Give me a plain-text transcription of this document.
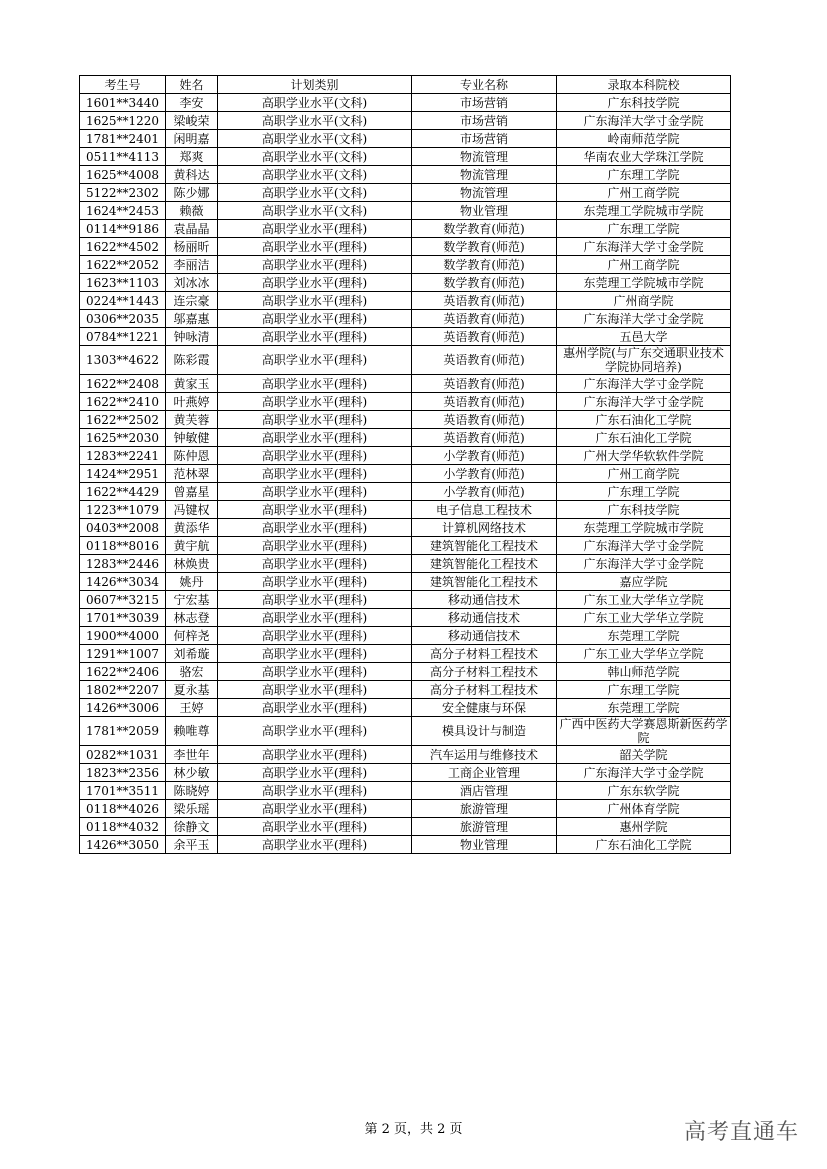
考生号	姓名	计划类别	专业名称	录取本科院校
1601**3440	李安	高职学业水平(文科)	市场营销	广东科技学院
1625**1220	梁峻荣	高职学业水平(文科)	市场营销	广东海洋大学寸金学院
1781**2401	闲明嘉	高职学业水平(文科)	市场营销	岭南师范学院
0511**4113	郑爽	高职学业水平(文科)	物流管理	华南农业大学珠江学院
1625**4008	黄科达	高职学业水平(文科)	物流管理	广东理工学院
5122**2302	陈少娜	高职学业水平(文科)	物流管理	广州工商学院
1624**2453	赖薇	高职学业水平(文科)	物业管理	东莞理工学院城市学院
0114**9186	袁晶晶	高职学业水平(理科)	数学教育(师范)	广东理工学院
1622**4502	杨丽昕	高职学业水平(理科)	数学教育(师范)	广东海洋大学寸金学院
1622**2052	李丽洁	高职学业水平(理科)	数学教育(师范)	广州工商学院
1623**1103	刘冰冰	高职学业水平(理科)	数学教育(师范)	东莞理工学院城市学院
0224**1443	连宗豪	高职学业水平(理科)	英语教育(师范)	广州商学院
0306**2035	邬嘉惠	高职学业水平(理科)	英语教育(师范)	广东海洋大学寸金学院
0784**1221	钟咏清	高职学业水平(理科)	英语教育(师范)	五邑大学
1303**4622	陈彩霞	高职学业水平(理科)	英语教育(师范)	惠州学院(与广东交通职业技术学院协同培养)
1622**2408	黄家玉	高职学业水平(理科)	英语教育(师范)	广东海洋大学寸金学院
1622**2410	叶燕婷	高职学业水平(理科)	英语教育(师范)	广东海洋大学寸金学院
1622**2502	黄芙蓉	高职学业水平(理科)	英语教育(师范)	广东石油化工学院
1625**2030	钟敏健	高职学业水平(理科)	英语教育(师范)	广东石油化工学院
1283**2241	陈仲恩	高职学业水平(理科)	小学教育(师范)	广州大学华软软件学院
1424**2951	范林翠	高职学业水平(理科)	小学教育(师范)	广州工商学院
1622**4429	曾嘉星	高职学业水平(理科)	小学教育(师范)	广东理工学院
1223**1079	冯键权	高职学业水平(理科)	电子信息工程技术	广东科技学院
0403**2008	黄添华	高职学业水平(理科)	计算机网络技术	东莞理工学院城市学院
0118**8016	黄宇航	高职学业水平(理科)	建筑智能化工程技术	广东海洋大学寸金学院
1283**2446	林焕贵	高职学业水平(理科)	建筑智能化工程技术	广东海洋大学寸金学院
1426**3034	姚丹	高职学业水平(理科)	建筑智能化工程技术	嘉应学院
0607**3215	宁宏基	高职学业水平(理科)	移动通信技术	广东工业大学华立学院
1701**3039	林志登	高职学业水平(理科)	移动通信技术	广东工业大学华立学院
1900**4000	何梓尧	高职学业水平(理科)	移动通信技术	东莞理工学院
1291**1007	刘希璇	高职学业水平(理科)	高分子材料工程技术	广东工业大学华立学院
1622**2406	骆宏	高职学业水平(理科)	高分子材料工程技术	韩山师范学院
1802**2207	夏永基	高职学业水平(理科)	高分子材料工程技术	广东理工学院
1426**3006	王婷	高职学业水平(理科)	安全健康与环保	东莞理工学院
1781**2059	赖唯尊	高职学业水平(理科)	模具设计与制造	广西中医药大学赛恩斯新医药学院
0282**1031	李世年	高职学业水平(理科)	汽车运用与维修技术	韶关学院
1823**2356	林少敏	高职学业水平(理科)	工商企业管理	广东海洋大学寸金学院
1701**3511	陈晓婷	高职学业水平(理科)	酒店管理	广东东软学院
0118**4026	梁乐瑶	高职学业水平(理科)	旅游管理	广州体育学院
0118**4032	徐静文	高职学业水平(理科)	旅游管理	惠州学院
1426**3050	余平玉	高职学业水平(理科)	物业管理	广东石油化工学院
第 2 页，共 2 页	高考直通车
